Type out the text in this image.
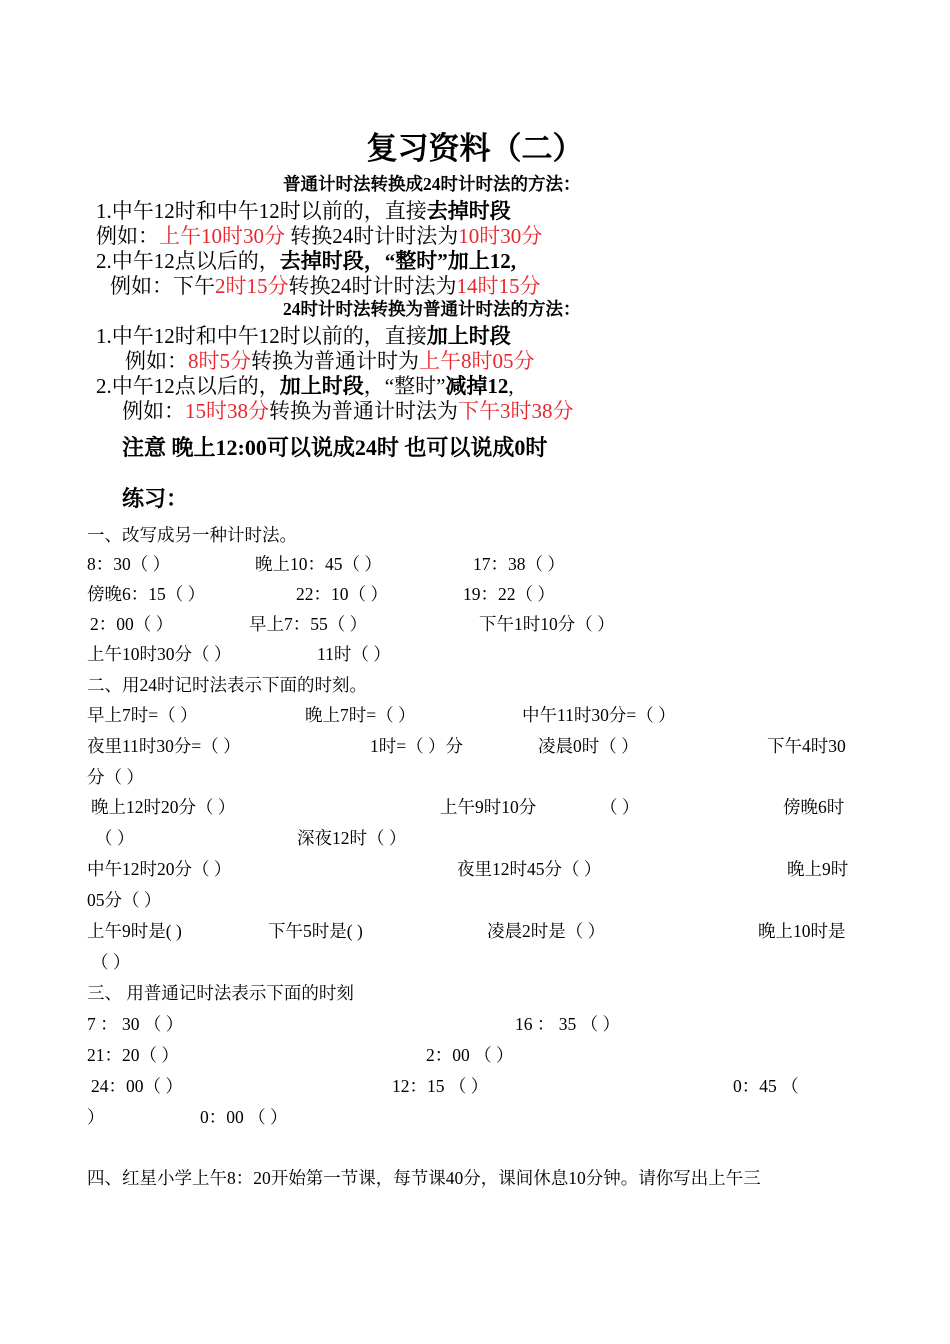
复习资料（二）
普通计时法转换成24时计时法的方法：
1.中午12时和中午12时以前的，直接去掉时段
例如：上午10时30分 转换24时计时法为10时30分
2.中午12点以后的，去掉时段，“整时”加上12,
例如：下午2时15分转换24时计时法为14时15分
24时计时法转换为普通计时法的方法：
1.中午12时和中午12时以前的，直接加上时段
例如：8时5分转换为普通计时为上午8时05分
2.中午12点以后的，加上时段，“整时”减掉12,
例如：15时38分转换为普通计时法为下午3时38分
注意 晚上12:00可以说成24时 也可以说成0时
练习：
一、改写成另一种计时法。
8：30（ ）	晚上10：45（ ）	17：38（ ）
傍晚6：15（ ）	22：10（ ）	19：22（ ）
2：00（ ）	早上7：55（ ）	下午1时10分（ ）
上午10时30分（ ）	11时（ ）
二、用24时记时法表示下面的时刻。
早上7时=（ ）	晚上7时=（ ）	中午11时30分=（ ）
夜里11时30分=（ ）	1时=（ ）分	凌晨0时（ ）	下午4时30
分（ ）
晚上12时20分（ ）	上午9时10分	（ ）	傍晚6时
（ ）	深夜12时（ ）
中午12时20分（ ）	夜里12时45分（ ）	晚上9时
05分（ ）
上午9时是( )	下午5时是( )	凌晨2时是（ ）	晚上10时是
（ ）
三、 用普通记时法表示下面的时刻
7 ： 30 （ ）	16 ： 35 （ ）
21：20（ ）	2：00 （ ）
24：00（ ）	12：15 （ ）	0：45 （
）	0：00 （ ）
四、红星小学上午8：20开始第一节课，每节课40分，课间休息10分钟。请你写出上午三
